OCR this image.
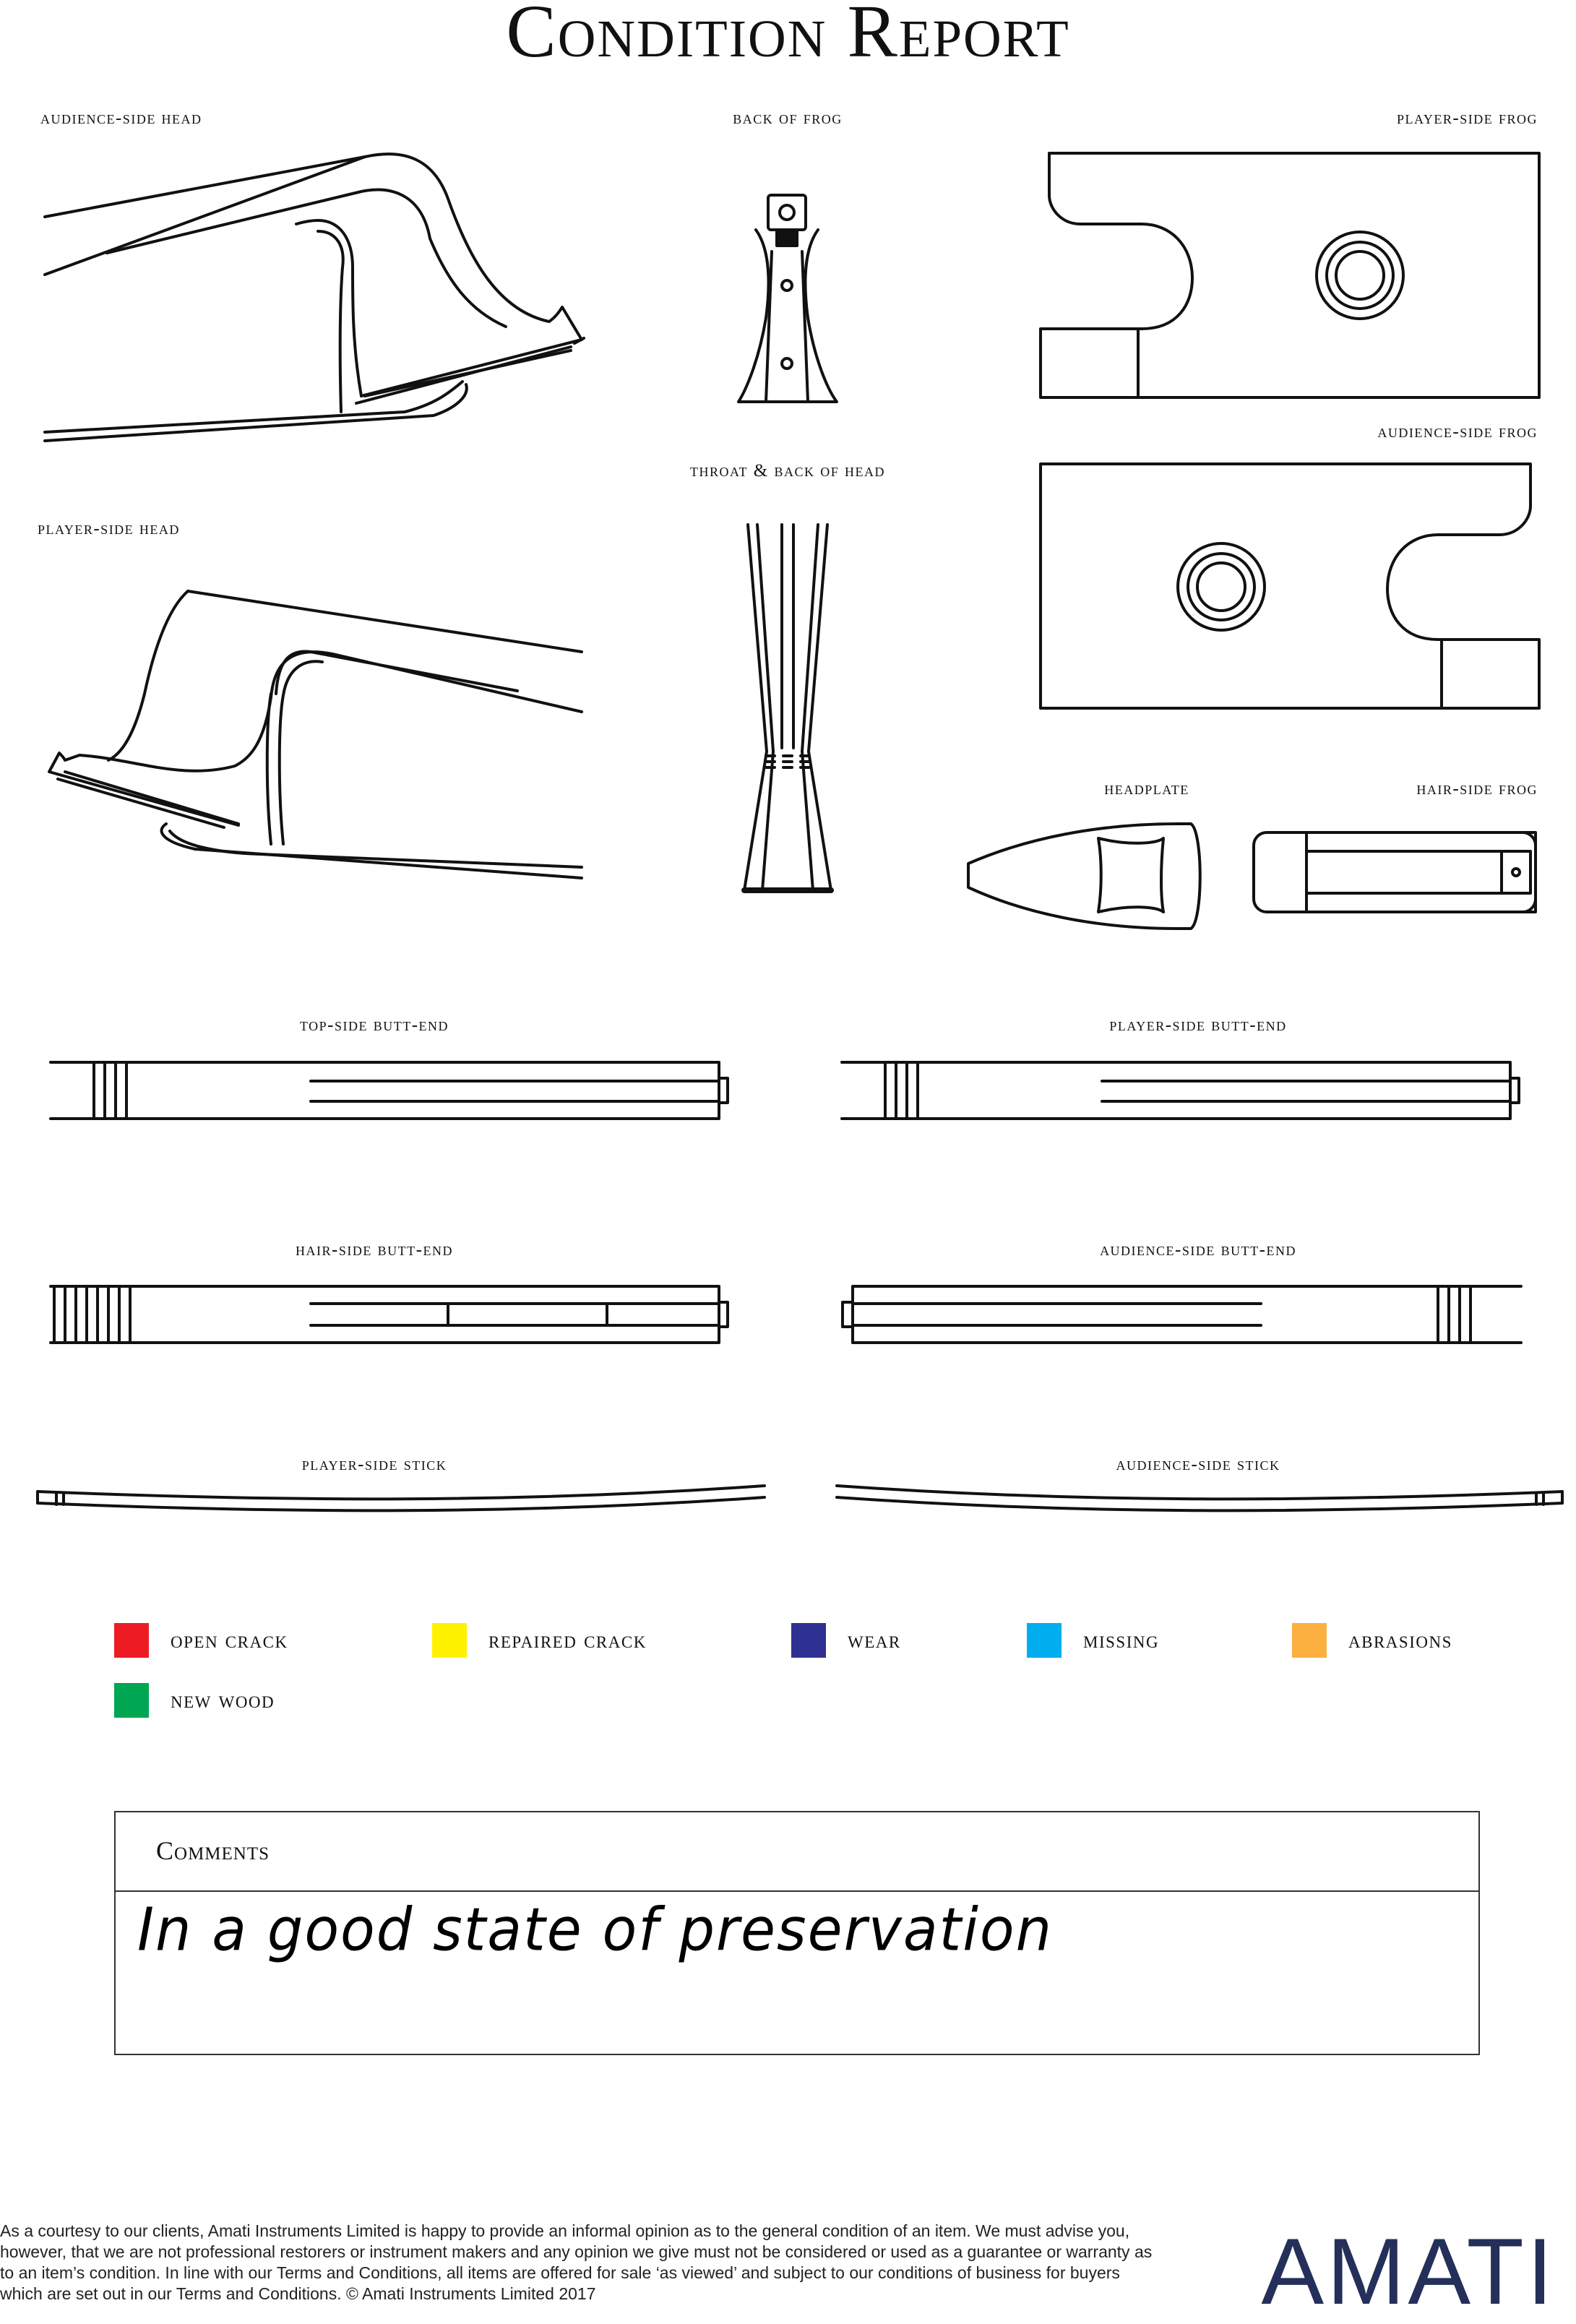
Condition Report
audience-side head	back of frog	player-side frog
audience-side frog
throat & back of head
player-side head
headplate	hair-side frog
top-side butt-end	player-side butt-end
hair-side butt-end	audience-side butt-end
player-side stick	audience-side stick
open crack	repaired crack	wear	missing	abrasions
new wood
Comments
In a good state of preservation
As a courtesy to our clients, Amati Instruments Limited is happy to provide an informal opinion as to the general condition of an item. We must advise you, however, that we are not professional restorers or instrument makers and any opinion we give must not be considered or used as a guarantee or warranty as to an item’s condition. In line with our Terms and Conditions, all items are offered for sale ‘as viewed’ and subject to our conditions of business for buyers which are set out in our Terms and Conditions. © Amati Instruments Limited 2017	AMATI
